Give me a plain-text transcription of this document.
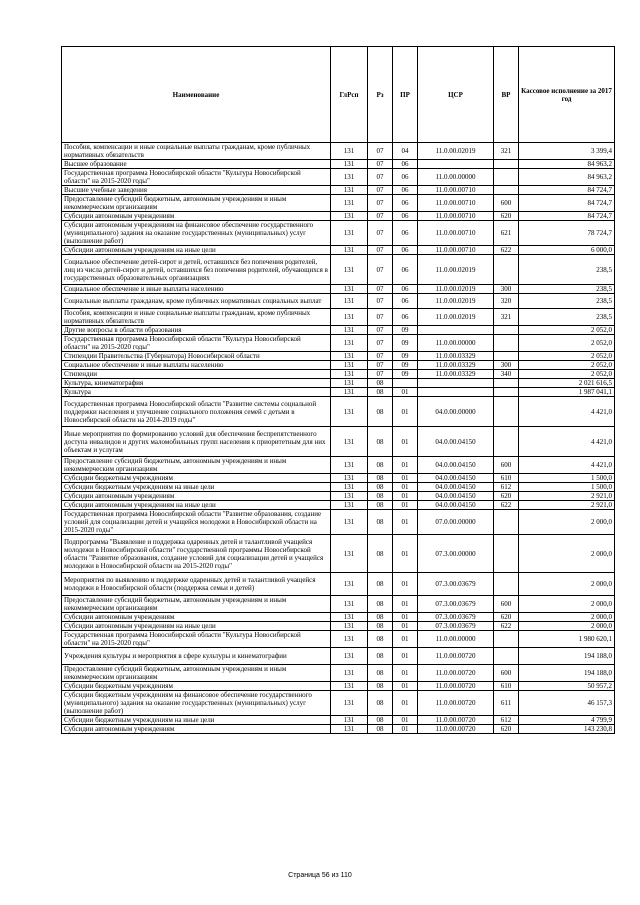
Наименование	ГлРсп	Рз	ПР	ЦСР	ВР	Кассовое исполнение за 2017 год
Пособия, компенсации и иные социальные выплаты гражданам, кроме публичных нормативных обязательств	131	07	04	11.0.00.02019	321	3 399,4
Высшее образование	131	07	06			84 963,2
Государственная программа Новосибирской области "Культура Новосибирской области" на 2015-2020 годы"	131	07	06	11.0.00.00000		84 963,2
Высшие учебные заведения	131	07	06	11.0.00.00710		84 724,7
Предоставление субсидий бюджетным, автономным учреждениям и иным некоммерческим организациям	131	07	06	11.0.00.00710	600	84 724,7
Субсидии автономным учреждениям	131	07	06	11.0.00.00710	620	84 724,7
Субсидии автономным учреждениям на финансовое обеспечение государственного (муниципального) задания на оказание государственных (муниципальных) услуг (выполнение работ)	131	07	06	11.0.00.00710	621	78 724,7
Субсидии автономным учреждениям на иные цели	131	07	06	11.0.00.00710	622	6 000,0
Социальное обеспечение детей-сирот и детей, оставшихся без попечения родителей, лиц из числа детей-сирот и детей, оставшихся без попечения родителей, обучающихся в государственных образовательных организациях	131	07	06	11.0.00.02019		238,5
Социальное обеспечение и иные выплаты населению	131	07	06	11.0.00.02019	300	238,5
Социальные выплаты гражданам, кроме публичных нормативных социальных выплат	131	07	06	11.0.00.02019	320	238,5
Пособия, компенсации и иные социальные выплаты гражданам, кроме публичных нормативных обязательств	131	07	06	11.0.00.02019	321	238,5
Другие вопросы в области образования	131	07	09			2 052,0
Государственная программа Новосибирской области "Культура Новосибирской области" на 2015-2020 годы"	131	07	09	11.0.00.00000		2 052,0
Стипендии Правительства (Губернатора) Новосибирской области	131	07	09	11.0.00.03329		2 052,0
Социальное обеспечение и иные выплаты населению	131	07	09	11.0.00.03329	300	2 052,0
Стипендии	131	07	09	11.0.00.03329	340	2 052,0
Культура, кинематография	131	08				2 021 616,5
Культура	131	08	01			1 987 041,1
Государственная программа Новосибирской области "Развитие системы социальной поддержки населения и улучшение социального положения семей с детьми в Новосибирской области на 2014-2019 годы"	131	08	01	04.0.00.00000		4 421,0
Иные мероприятия по формированию условий для обеспечения беспрепятственного доступа инвалидов и других маломобильных групп населения к приоритетным для них объектам и услугам	131	08	01	04.0.00.04150		4 421,0
Предоставление субсидий бюджетным, автономным учреждениям и иным некоммерческим организациям	131	08	01	04.0.00.04150	600	4 421,0
Субсидии бюджетным учреждениям	131	08	01	04.0.00.04150	610	1 500,0
Субсидии бюджетным учреждениям на иные цели	131	08	01	04.0.00.04150	612	1 500,0
Субсидии автономным учреждениям	131	08	01	04.0.00.04150	620	2 921,0
Субсидии автономным учреждениям на иные цели	131	08	01	04.0.00.04150	622	2 921,0
Государственная программа Новосибирской области "Развитие образования, создание условий для социализации детей и учащейся молодежи в Новосибирской области на 2015-2020 годы"	131	08	01	07.0.00.00000		2 000,0
Подпрограмма "Выявление и поддержка одаренных детей и талантливой учащейся молодежи в Новосибирской области" государственной программы Новосибирской области "Развитие образования, создание условий для социализации детей и учащейся молодежи в Новосибирской области на 2015-2020 годы"	131	08	01	07.3.00.00000		2 000,0
Мероприятия по выявлению и поддержке одаренных детей и талантливой учащейся молодежи в Новосибирской области (поддержка семьи и детей)	131	08	01	07.3.00.03679		2 000,0
Предоставление субсидий бюджетным, автономным учреждениям и иным некоммерческим организациям	131	08	01	07.3.00.03679	600	2 000,0
Субсидии автономным учреждениям	131	08	01	07.3.00.03679	620	2 000,0
Субсидии автономным учреждениям на иные цели	131	08	01	07.3.00.03679	622	2 000,0
Государственная программа Новосибирской области "Культура Новосибирской области" на 2015-2020 годы"	131	08	01	11.0.00.00000		1 980 620,1
Учреждения культуры и мероприятия в сфере культуры и кинематографии	131	08	01	11.0.00.00720		194 188,0
Предоставление субсидий бюджетным, автономным учреждениям и иным некоммерческим организациям	131	08	01	11.0.00.00720	600	194 188,0
Субсидии бюджетным учреждениям	131	08	01	11.0.00.00720	610	50 957,2
Субсидии бюджетным учреждениям на финансовое обеспечение государственного (муниципального) задания на оказание государственных (муниципальных) услуг (выполнение работ)	131	08	01	11.0.00.00720	611	46 157,3
Субсидии бюджетным учреждениям на иные цели	131	08	01	11.0.00.00720	612	4 799,9
Субсидии автономным учреждениям	131	08	01	11.0.00.00720	620	143 230,8
Страница 56 из 110
